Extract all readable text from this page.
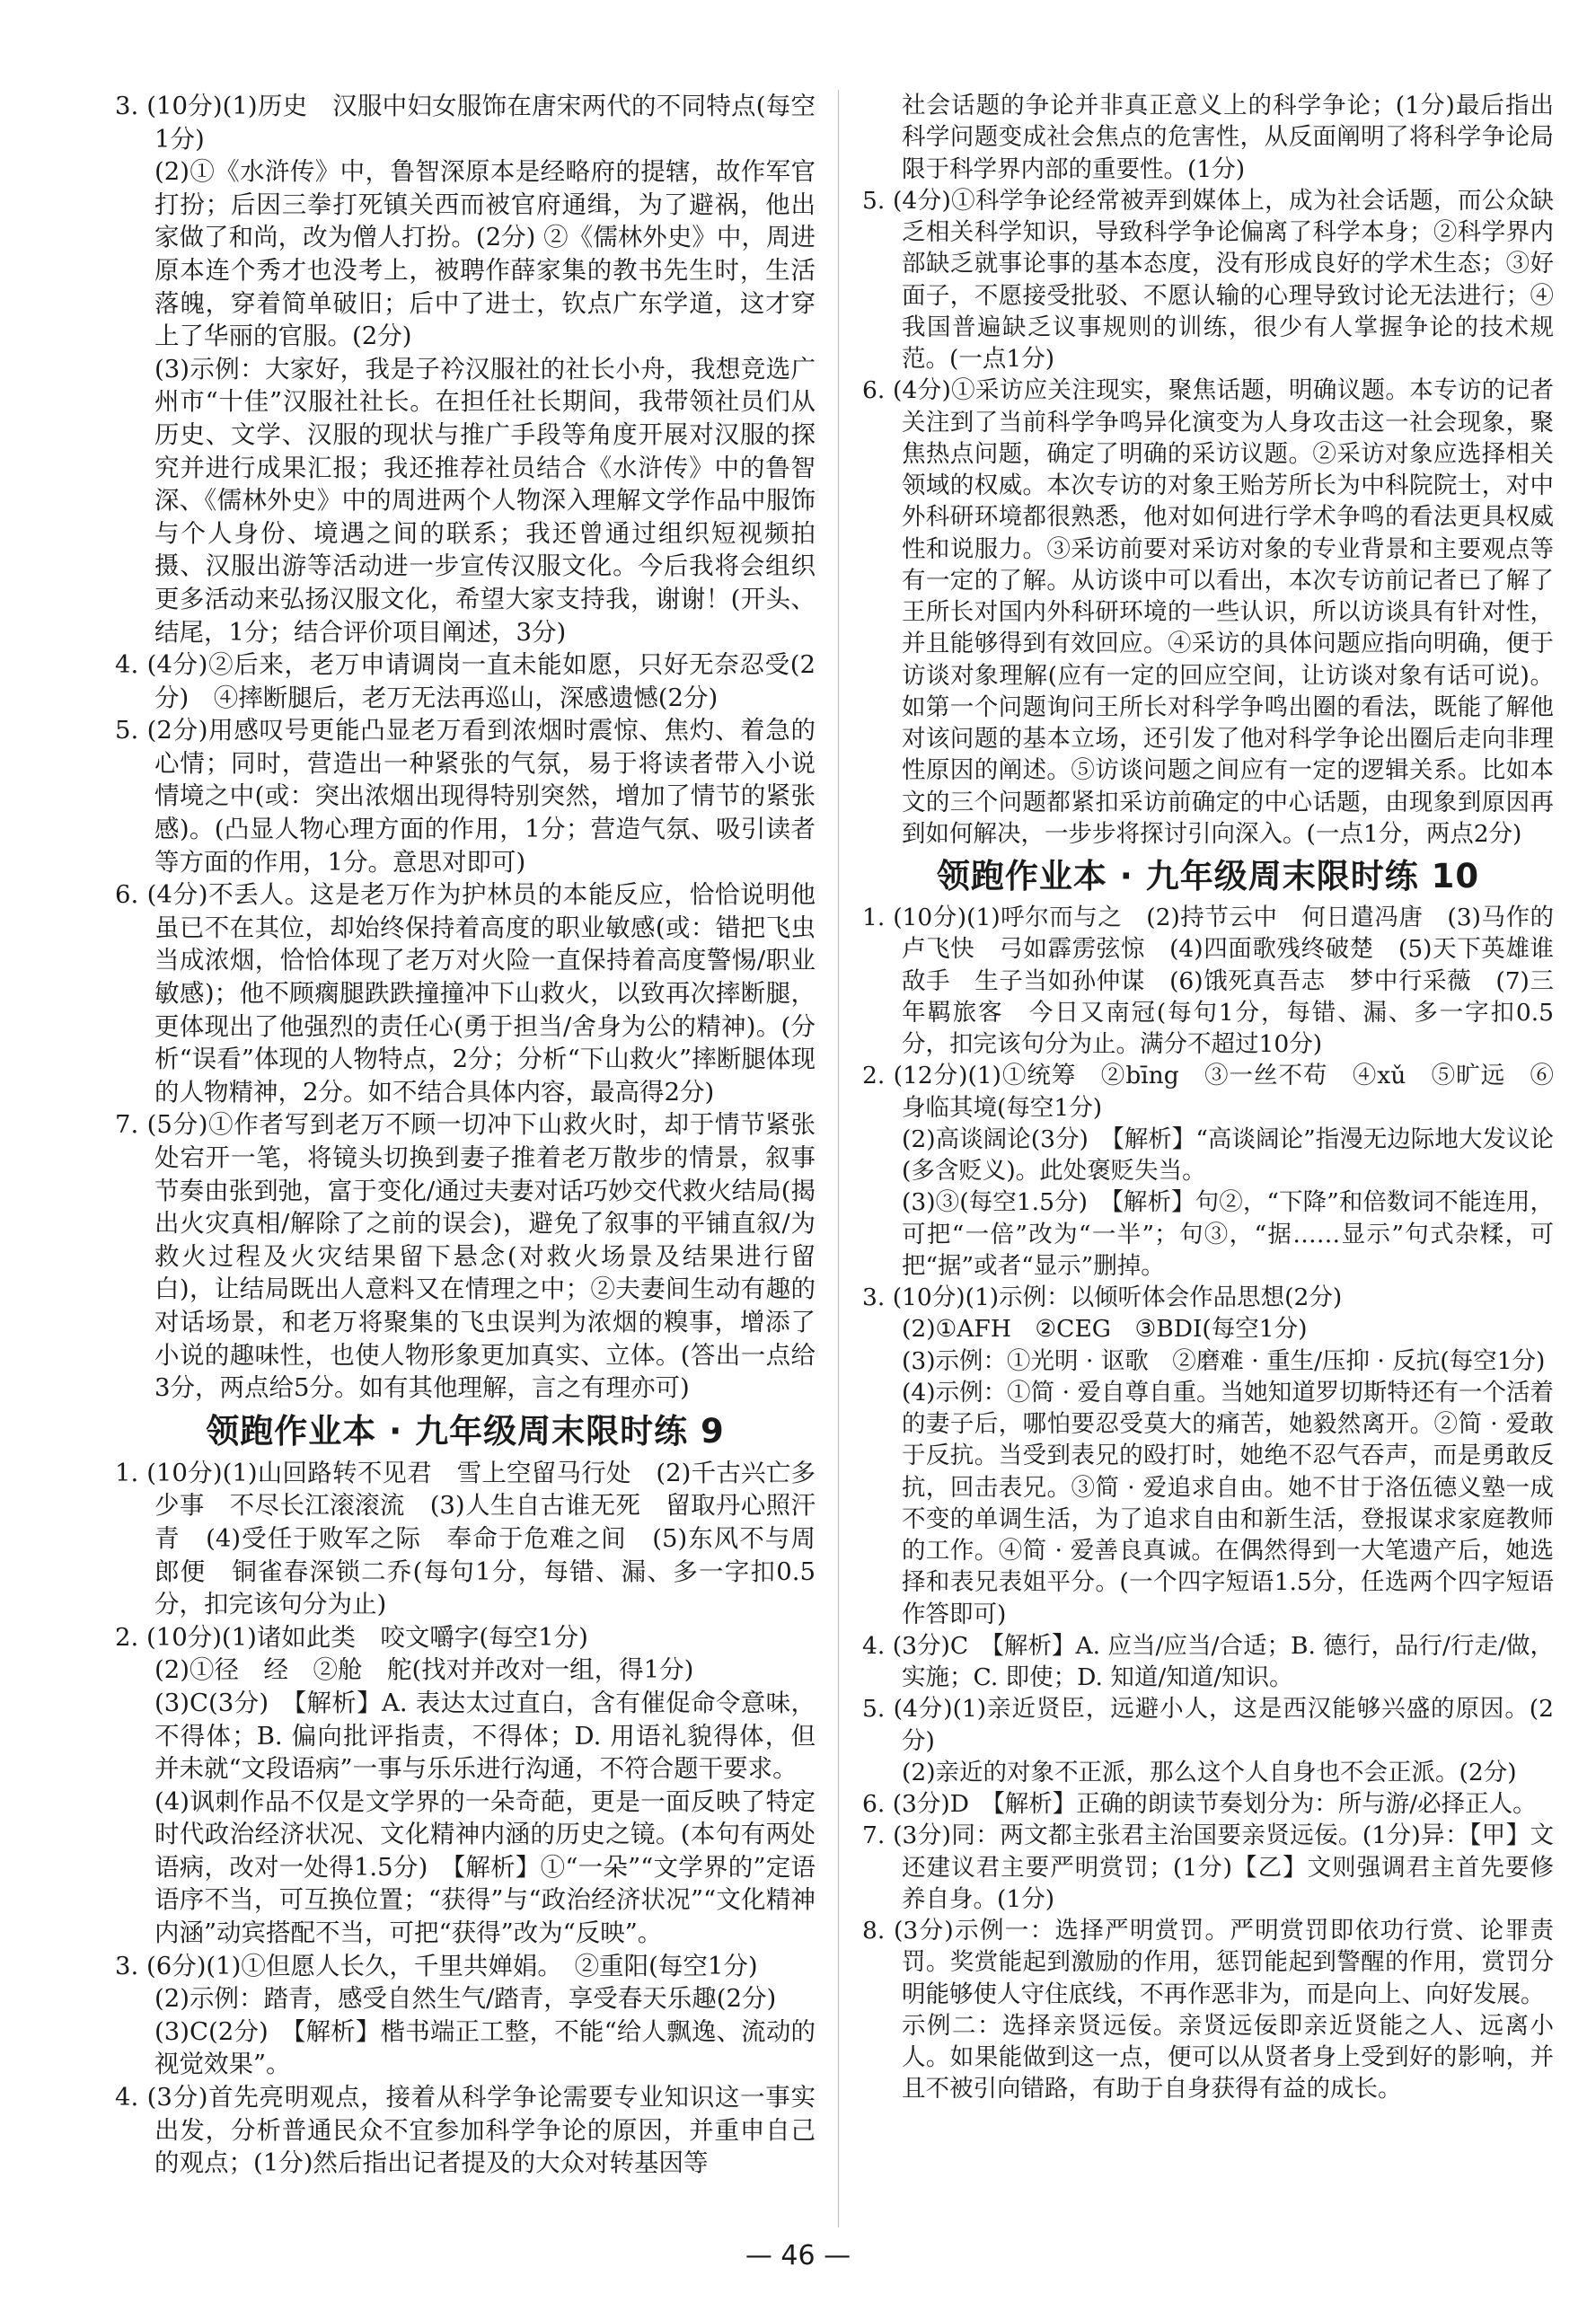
3. (10分)(1)历史　汉服中妇女服饰在唐宋两代的不同特点(每空1分)

(2)①《水浒传》中，鲁智深原本是经略府的提辖，故作军官打扮；后因三拳打死镇关西而被官府通缉，为了避祸，他出家做了和尚，改为僧人打扮。(2分) ②《儒林外史》中，周进原本连个秀才也没考上，被聘作薛家集的教书先生时，生活落魄，穿着简单破旧；后中了进士，钦点广东学道，这才穿上了华丽的官服。(2分)

(3)示例：大家好，我是子衿汉服社的社长小舟，我想竞选广州市“十佳”汉服社社长。在担任社长期间，我带领社员们从历史、文学、汉服的现状与推广手段等角度开展对汉服的探究并进行成果汇报；我还推荐社员结合《水浒传》中的鲁智深、《儒林外史》中的周进两个人物深入理解文学作品中服饰与个人身份、境遇之间的联系；我还曾通过组织短视频拍摄、汉服出游等活动进一步宣传汉服文化。今后我将会组织更多活动来弘扬汉服文化，希望大家支持我，谢谢！(开头、结尾，1分；结合评价项目阐述，3分)

4. (4分)②后来，老万申请调岗一直未能如愿，只好无奈忍受(2分)　④摔断腿后，老万无法再巡山，深感遗憾(2分)

5. (2分)用感叹号更能凸显老万看到浓烟时震惊、焦灼、着急的心情；同时，营造出一种紧张的气氛，易于将读者带入小说情境之中(或：突出浓烟出现得特别突然，增加了情节的紧张感)。(凸显人物心理方面的作用，1分；营造气氛、吸引读者等方面的作用，1分。意思对即可)

6. (4分)不丢人。这是老万作为护林员的本能反应，恰恰说明他虽已不在其位，却始终保持着高度的职业敏感(或：错把飞虫当成浓烟，恰恰体现了老万对火险一直保持着高度警惕/职业敏感)；他不顾瘸腿跌跌撞撞冲下山救火，以致再次摔断腿，更体现出了他强烈的责任心(勇于担当/舍身为公的精神)。(分析“误看”体现的人物特点，2分；分析“下山救火”摔断腿体现的人物精神，2分。如不结合具体内容，最高得2分)

7. (5分)①作者写到老万不顾一切冲下山救火时，却于情节紧张处宕开一笔，将镜头切换到妻子推着老万散步的情景，叙事节奏由张到弛，富于变化/通过夫妻对话巧妙交代救火结局(揭出火灾真相/解除了之前的误会)，避免了叙事的平铺直叙/为救火过程及火灾结果留下悬念(对救火场景及结果进行留白)，让结局既出人意料又在情理之中；②夫妻间生动有趣的对话场景，和老万将聚集的飞虫误判为浓烟的糗事，增添了小说的趣味性，也使人物形象更加真实、立体。(答出一点给3分，两点给5分。如有其他理解，言之有理亦可)

领跑作业本 · 九年级周末限时练 9

1. (10分)(1)山回路转不见君　雪上空留马行处　(2)千古兴亡多少事　不尽长江滚滚流　(3)人生自古谁无死　留取丹心照汗青　(4)受任于败军之际　奉命于危难之间　(5)东风不与周郎便　铜雀春深锁二乔(每句1分，每错、漏、多一字扣0.5分，扣完该句分为止)

2. (10分)(1)诸如此类　咬文嚼字(每空1分)

(2)①径　经　②舱　舵(找对并改对一组，得1分)

(3)C(3分)　【解析】A. 表达太过直白，含有催促命令意味，不得体；B. 偏向批评指责，不得体；D. 用语礼貌得体，但并未就“文段语病”一事与乐乐进行沟通，不符合题干要求。

(4)讽刺作品不仅是文学界的一朵奇葩，更是一面反映了特定时代政治经济状况、文化精神内涵的历史之镜。(本句有两处语病，改对一处得1.5分)　【解析】①“一朵”“文学界的”定语语序不当，可互换位置；“获得”与“政治经济状况”“文化精神内涵”动宾搭配不当，可把“获得”改为“反映”。

3. (6分)(1)①但愿人长久，千里共婵娟。　②重阳(每空1分)

(2)示例：踏青，感受自然生气/踏青，享受春天乐趣(2分)

(3)C(2分)　【解析】楷书端正工整，不能“给人飘逸、流动的视觉效果”。

4. (3分)首先亮明观点，接着从科学争论需要专业知识这一事实出发，分析普通民众不宜参加科学争论的原因，并重申自己的观点；(1分)然后指出记者提及的大众对转基因等

社会话题的争论并非真正意义上的科学争论；(1分)最后指出科学问题变成社会焦点的危害性，从反面阐明了将科学争论局限于科学界内部的重要性。(1分)

5. (4分)①科学争论经常被弄到媒体上，成为社会话题，而公众缺乏相关科学知识，导致科学争论偏离了科学本身；②科学界内部缺乏就事论事的基本态度，没有形成良好的学术生态；③好面子，不愿接受批驳、不愿认输的心理导致讨论无法进行；④我国普遍缺乏议事规则的训练，很少有人掌握争论的技术规范。(一点1分)

6. (4分)①采访应关注现实，聚焦话题，明确议题。本专访的记者关注到了当前科学争鸣异化演变为人身攻击这一社会现象，聚焦热点问题，确定了明确的采访议题。②采访对象应选择相关领域的权威。本次专访的对象王贻芳所长为中科院院士，对中外科研环境都很熟悉，他对如何进行学术争鸣的看法更具权威性和说服力。③采访前要对采访对象的专业背景和主要观点等有一定的了解。从访谈中可以看出，本次专访前记者已了解了王所长对国内外科研环境的一些认识，所以访谈具有针对性，并且能够得到有效回应。④采访的具体问题应指向明确，便于访谈对象理解(应有一定的回应空间，让访谈对象有话可说)。如第一个问题询问王所长对科学争鸣出圈的看法，既能了解他对该问题的基本立场，还引发了他对科学争论出圈后走向非理性原因的阐述。⑤访谈问题之间应有一定的逻辑关系。比如本文的三个问题都紧扣采访前确定的中心话题，由现象到原因再到如何解决，一步步将探讨引向深入。(一点1分，两点2分)

领跑作业本 · 九年级周末限时练 10

1. (10分)(1)呼尔而与之　(2)持节云中　何日遣冯唐　(3)马作的卢飞快　弓如霹雳弦惊　(4)四面歌残终破楚　(5)天下英雄谁敌手　生子当如孙仲谋　(6)饿死真吾志　梦中行采薇　(7)三年羁旅客　今日又南冠(每句1分，每错、漏、多一字扣0.5分，扣完该句分为止。满分不超过10分)

2. (12分)(1)①统筹　②bīng　③一丝不苟　④xǔ　⑤旷远　⑥身临其境(每空1分)

(2)高谈阔论(3分)　【解析】“高谈阔论”指漫无边际地大发议论(多含贬义)。此处褒贬失当。

(3)③(每空1.5分)　【解析】句②，“下降”和倍数词不能连用，可把“一倍”改为“一半”；句③，“据……显示”句式杂糅，可把“据”或者“显示”删掉。

3. (10分)(1)示例：以倾听体会作品思想(2分)

(2)①AFH　②CEG　③BDI(每空1分)

(3)示例：①光明 · 讴歌　②磨难 · 重生/压抑 · 反抗(每空1分)

(4)示例：①简 · 爱自尊自重。当她知道罗切斯特还有一个活着的妻子后，哪怕要忍受莫大的痛苦，她毅然离开。②简 · 爱敢于反抗。当受到表兄的殴打时，她绝不忍气吞声，而是勇敢反抗，回击表兄。③简 · 爱追求自由。她不甘于洛伍德义塾一成不变的单调生活，为了追求自由和新生活，登报谋求家庭教师的工作。④简 · 爱善良真诚。在偶然得到一大笔遗产后，她选择和表兄表姐平分。(一个四字短语1.5分，任选两个四字短语作答即可)

4. (3分)C　【解析】A. 应当/应当/合适；B. 德行，品行/行走/做，实施；C. 即使；D. 知道/知道/知识。

5. (4分)(1)亲近贤臣，远避小人，这是西汉能够兴盛的原因。(2分)

(2)亲近的对象不正派，那么这个人自身也不会正派。(2分)

6. (3分)D　【解析】正确的朗读节奏划分为：所与游/必择正人。

7. (3分)同：两文都主张君主治国要亲贤远佞。(1分)异：【甲】文还建议君主要严明赏罚；(1分)【乙】文则强调君主首先要修养自身。(1分)

8. (3分)示例一：选择严明赏罚。严明赏罚即依功行赏、论罪责罚。奖赏能起到激励的作用，惩罚能起到警醒的作用，赏罚分明能够使人守住底线，不再作恶非为，而是向上、向好发展。

示例二：选择亲贤远佞。亲贤远佞即亲近贤能之人、远离小人。如果能做到这一点，便可以从贤者身上受到好的影响，并且不被引向错路，有助于自身获得有益的成长。

— 46 —
